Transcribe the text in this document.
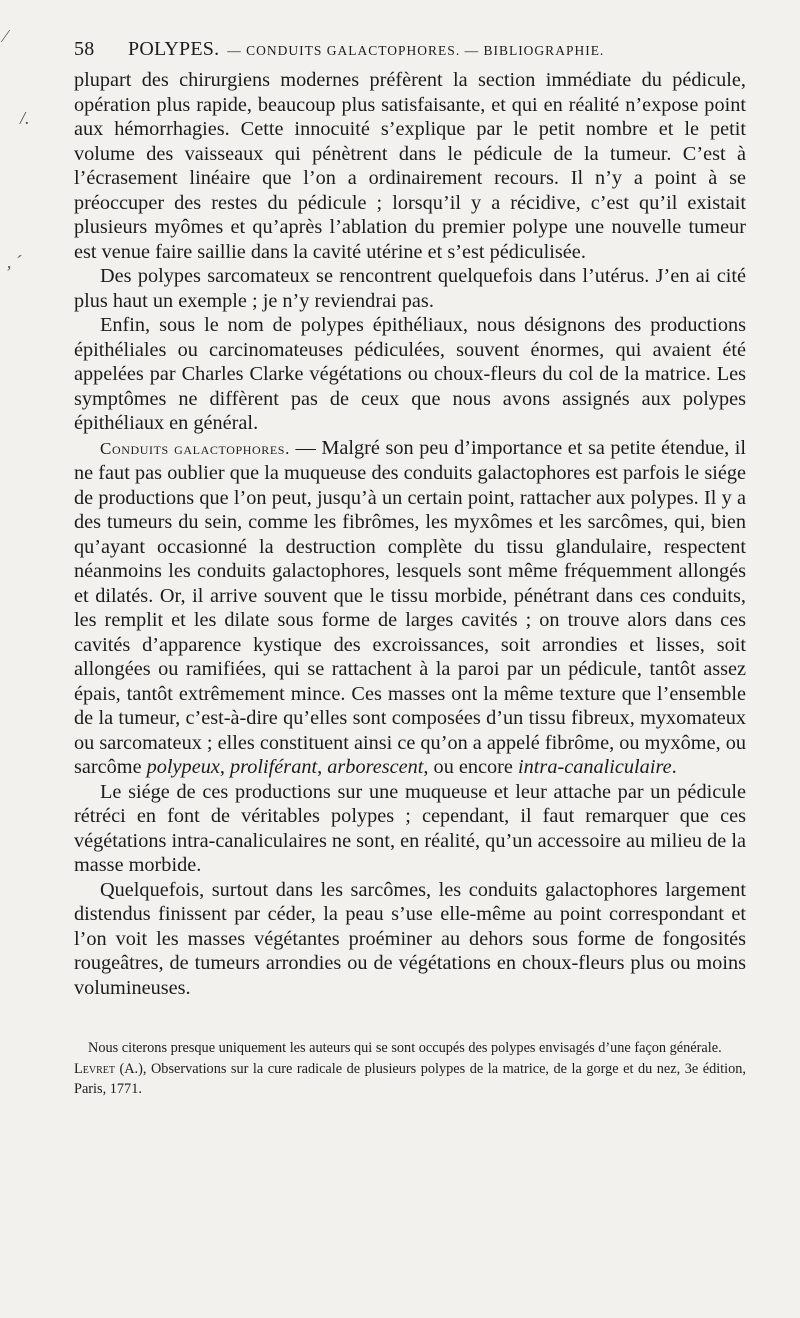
⁄
/.
‚ ˊ
58	POLYPES. — CONDUITS GALACTOPHORES. — BIBLIOGRAPHIE.

plupart des chirurgiens modernes préfèrent la section immédiate du pédicule, opération plus rapide, beaucoup plus satisfaisante, et qui en réalité n’expose point aux hémorrhagies. Cette innocuité s’explique par le petit nombre et le petit volume des vaisseaux qui pénètrent dans le pédicule de la tumeur. C’est à l’écrasement linéaire que l’on a ordinairement recours. Il n’y a point à se préoccuper des restes du pédicule ; lorsqu’il y a récidive, c’est qu’il existait plusieurs myômes et qu’après l’ablation du premier polype une nouvelle tumeur est venue faire saillie dans la cavité utérine et s’est pédiculisée.

Des polypes sarcomateux se rencontrent quelquefois dans l’utérus. J’en ai cité plus haut un exemple ; je n’y reviendrai pas.

Enfin, sous le nom de polypes épithéliaux, nous désignons des productions épithéliales ou carcinomateuses pédiculées, souvent énormes, qui avaient été appelées par Charles Clarke végétations ou choux-fleurs du col de la matrice. Les symptômes ne diffèrent pas de ceux que nous avons assignés aux polypes épithéliaux en général.

Conduits galactophores. — Malgré son peu d’importance et sa petite étendue, il ne faut pas oublier que la muqueuse des conduits galactophores est parfois le siége de productions que l’on peut, jusqu’à un certain point, rattacher aux polypes. Il y a des tumeurs du sein, comme les fibrômes, les myxômes et les sarcômes, qui, bien qu’ayant occasionné la destruction complète du tissu glandulaire, respectent néanmoins les conduits galactophores, lesquels sont même fréquemment allongés et dilatés. Or, il arrive souvent que le tissu morbide, pénétrant dans ces conduits, les remplit et les dilate sous forme de larges cavités ; on trouve alors dans ces cavités d’apparence kystique des excroissances, soit arrondies et lisses, soit allongées ou ramifiées, qui se rattachent à la paroi par un pédicule, tantôt assez épais, tantôt extrêmement mince. Ces masses ont la même texture que l’ensemble de la tumeur, c’est-à-dire qu’elles sont composées d’un tissu fibreux, myxomateux ou sarcomateux ; elles constituent ainsi ce qu’on a appelé fibrôme, ou myxôme, ou sarcôme polypeux, proliférant, arborescent, ou encore intra-canaliculaire.

Le siége de ces productions sur une muqueuse et leur attache par un pédicule rétréci en font de véritables polypes ; cependant, il faut remarquer que ces végétations intra-canaliculaires ne sont, en réalité, qu’un accessoire au milieu de la masse morbide.

Quelquefois, surtout dans les sarcômes, les conduits galactophores largement distendus finissent par céder, la peau s’use elle-même au point correspondant et l’on voit les masses végétantes proéminer au dehors sous forme de fongosités rougeâtres, de tumeurs arrondies ou de végétations en choux-fleurs plus ou moins volumineuses.

Nous citerons presque uniquement les auteurs qui se sont occupés des polypes envisagés d’une façon générale.

Levret (A.), Observations sur la cure radicale de plusieurs polypes de la matrice, de la gorge et du nez, 3e édition, Paris, 1771.
